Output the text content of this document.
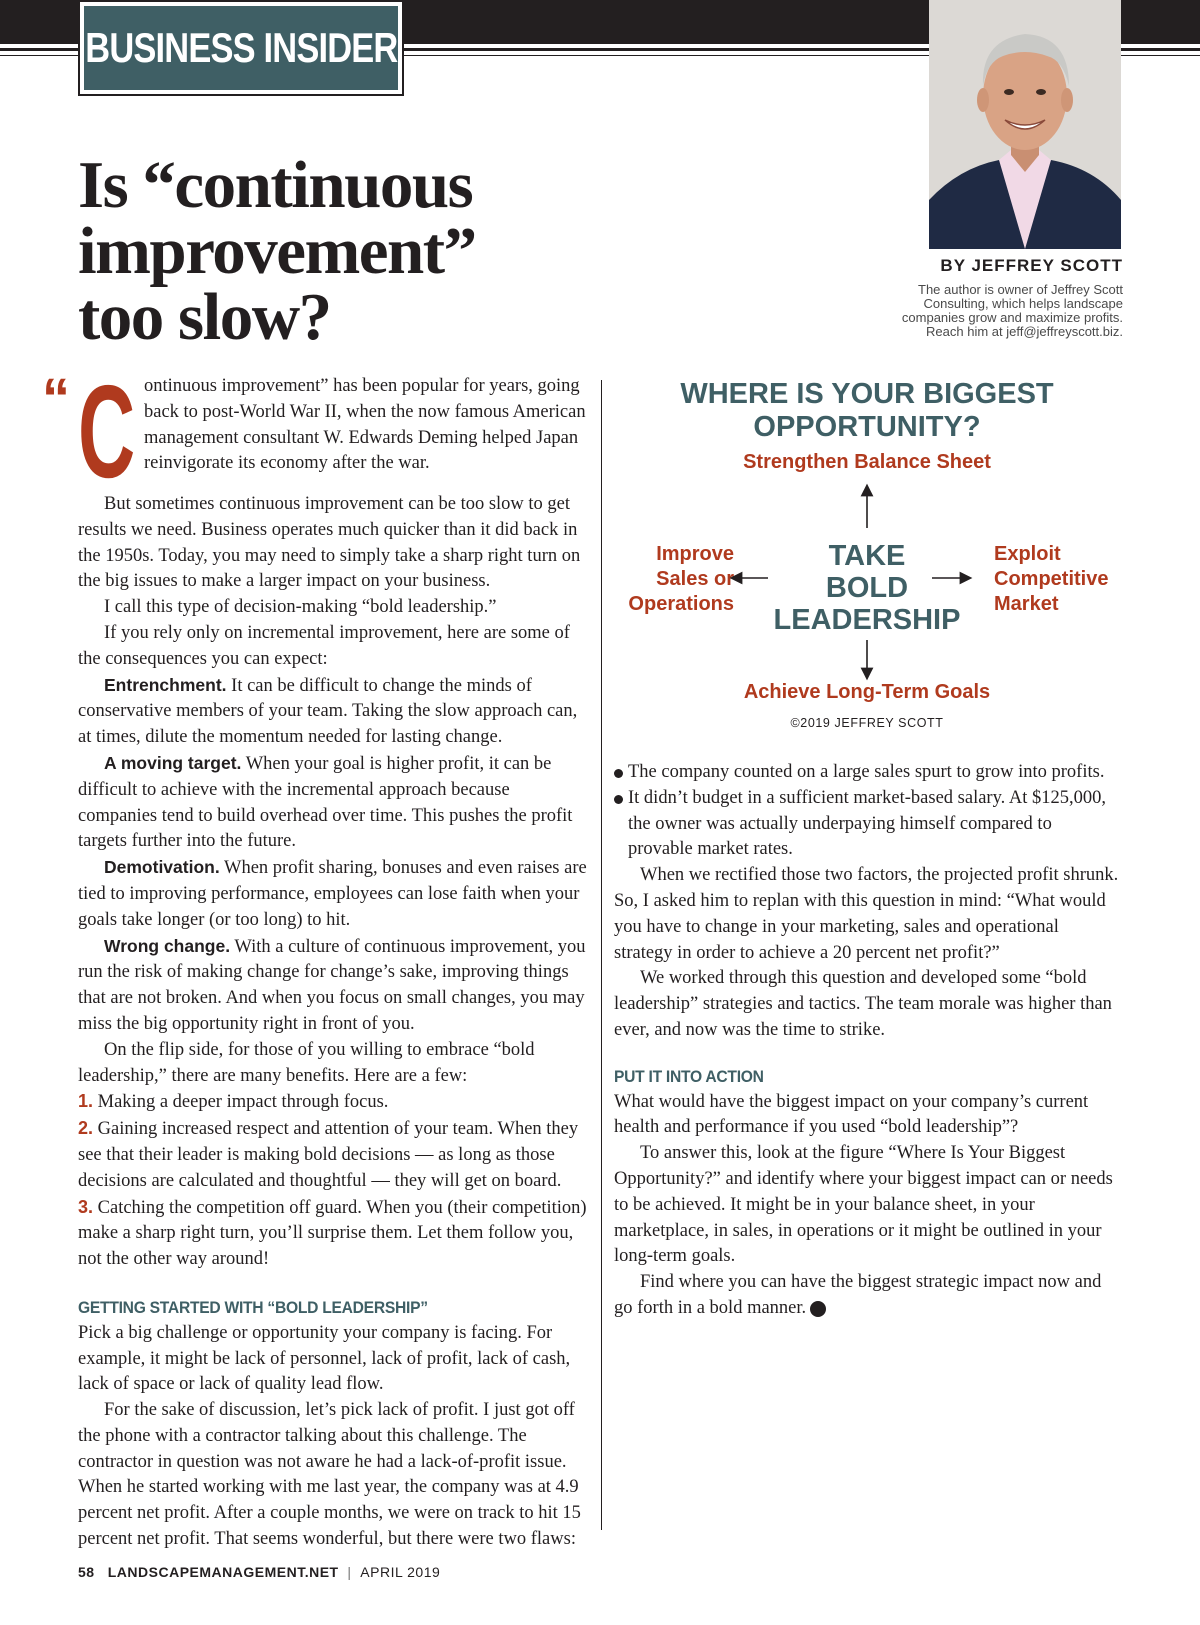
BUSINESS INSIDER
Is “continuous
improvement”
too slow?
BY JEFFREY SCOTT
The author is owner of Jeffrey Scott
Consulting, which helps landscape
companies grow and maximize profits.
Reach him at jeff@jeffreyscott.biz.

“ C ontinuous improvement” has been popular for years, going back to post-World War II, when the now famous American management consultant W. Edwards Deming helped Japan reinvigorate its economy after the war.

But sometimes continuous improvement can be too slow to get results we need. Business operates much quicker than it did back in the 1950s. Today, you may need to simply take a sharp right turn on the big issues to make a larger impact on your business.

I call this type of decision-making “bold leadership.”

If you rely only on incremental improvement, here are some of the consequences you can expect:

Entrenchment. It can be difficult to change the minds of conservative members of your team. Taking the slow approach can, at times, dilute the momentum needed for lasting change.

A moving target. When your goal is higher profit, it can be difficult to achieve with the incremental approach because companies tend to build overhead over time. This pushes the profit targets further into the future.

Demotivation. When profit sharing, bonuses and even raises are tied to improving performance, employees can lose faith when your goals take longer (or too long) to hit.

Wrong change. With a culture of continuous improvement, you run the risk of making change for change’s sake, improving things that are not broken. And when you focus on small changes, you may miss the big opportunity right in front of you.

On the flip side, for those of you willing to embrace “bold leadership,” there are many benefits. Here are a few:

1. Making a deeper impact through focus.

2. Gaining increased respect and attention of your team. When they see that their leader is making bold decisions — as long as those decisions are calculated and thoughtful — they will get on board.

3. Catching the competition off guard. When you (their competition) make a sharp right turn, you’ll surprise them. Let them follow you, not the other way around!

GETTING STARTED WITH “BOLD LEADERSHIP”

Pick a big challenge or opportunity your company is facing. For example, it might be lack of personnel, lack of profit, lack of cash, lack of space or lack of quality lead flow.

For the sake of discussion, let’s pick lack of profit. I just got off the phone with a contractor talking about this challenge. The contractor in question was not aware he had a lack-of-profit issue. When he started working with me last year, the company was at 4.9 percent net profit. After a couple months, we were on track to hit 15 percent net profit. That seems wonderful, but there were two flaws:

WHERE IS YOUR BIGGEST
OPPORTUNITY?
Strengthen Balance Sheet
Improve
Sales or
Operations
Exploit
Competitive
Market
TAKE
BOLD
LEADERSHIP
Achieve Long-Term Goals
©2019 JEFFREY SCOTT

The company counted on a large sales spurt to grow into profits.

It didn’t budget in a sufficient market-based salary. At $125,000, the owner was actually underpaying himself compared to provable market rates.

When we rectified those two factors, the projected profit shrunk. So, I asked him to replan with this question in mind: “What would you have to change in your marketing, sales and operational strategy in order to achieve a 20 percent net profit?”

We worked through this question and developed some “bold leadership” strategies and tactics. The team morale was higher than ever, and now was the time to strike.

PUT IT INTO ACTION

What would have the biggest impact on your company’s current health and performance if you used “bold leadership”?

To answer this, look at the figure “Where Is Your Biggest Opportunity?” and identify where your biggest impact can or needs to be achieved. It might be in your balance sheet, in your marketplace, in sales, in operations or it might be outlined in your long-term goals.

Find where you can have the biggest strategic impact now and go forth in a bold manner.	LM

58 LANDSCAPEMANAGEMENT.NET | APRIL 2019
